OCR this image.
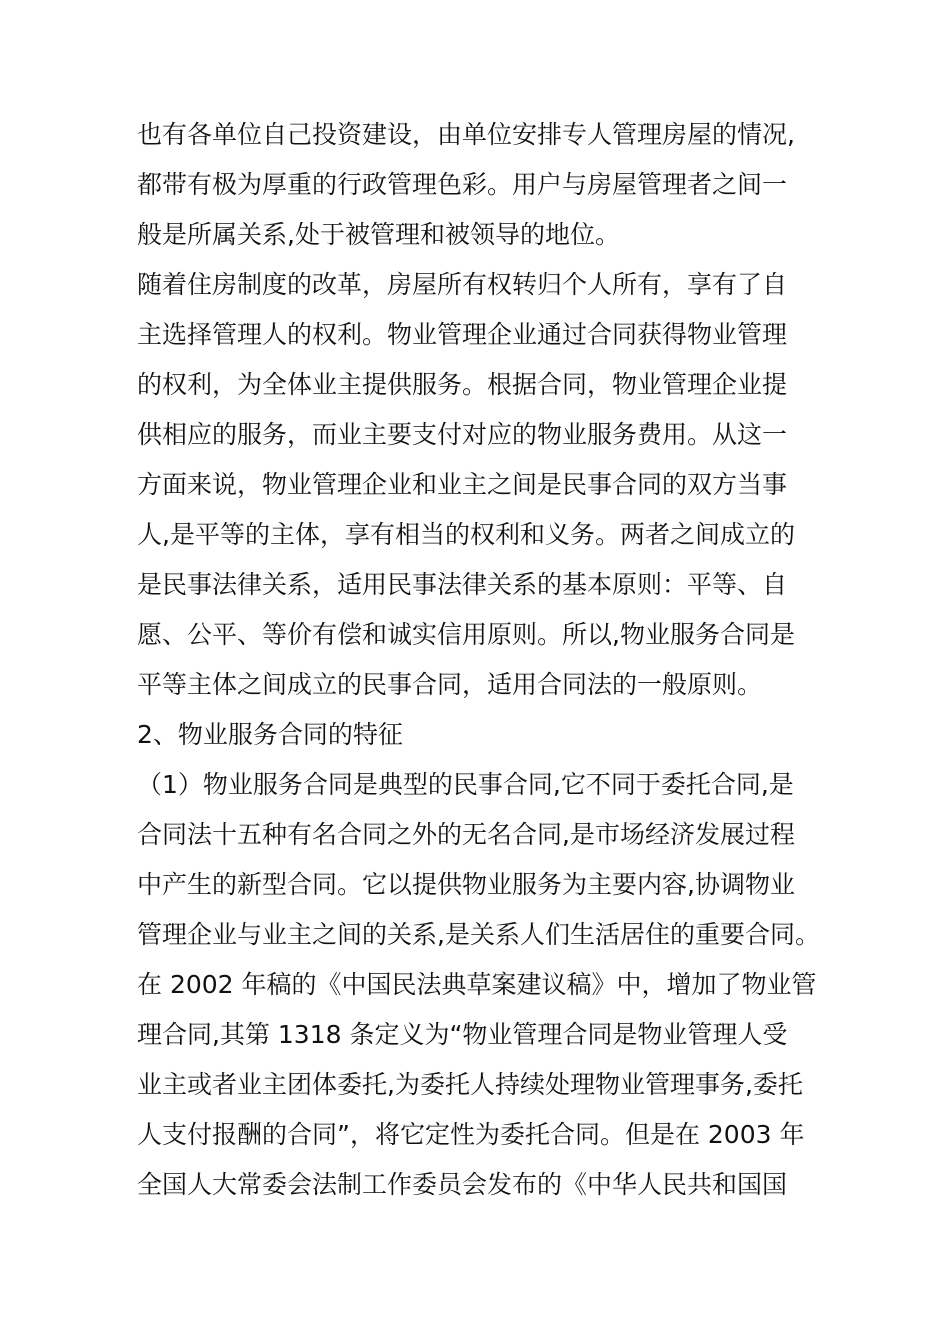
也有各单位自己投资建设，由单位安排专人管理房屋的情况,
都带有极为厚重的行政管理色彩。用户与房屋管理者之间一
般是所属关系,处于被管理和被领导的地位。
随着住房制度的改革，房屋所有权转归个人所有，享有了自
主选择管理人的权利。物业管理企业通过合同获得物业管理
的权利，为全体业主提供服务。根据合同，物业管理企业提
供相应的服务，而业主要支付对应的物业服务费用。从这一
方面来说，物业管理企业和业主之间是民事合同的双方当事
人,是平等的主体，享有相当的权利和义务。两者之间成立的
是民事法律关系，适用民事法律关系的基本原则：平等、自
愿、公平、等价有偿和诚实信用原则。所以,物业服务合同是
平等主体之间成立的民事合同，适用合同法的一般原则。
2、物业服务合同的特征
（1）物业服务合同是典型的民事合同,它不同于委托合同,是
合同法十五种有名合同之外的无名合同,是市场经济发展过程
中产生的新型合同。它以提供物业服务为主要内容,协调物业
管理企业与业主之间的关系,是关系人们生活居住的重要合同。
在 2002 年稿的《中国民法典草案建议稿》中，增加了物业管
理合同,其第 1318 条定义为“物业管理合同是物业管理人受
业主或者业主团体委托,为委托人持续处理物业管理事务,委托
人支付报酬的合同”，将它定性为委托合同。但是在 2003 年
全国人大常委会法制工作委员会发布的《中华人民共和国国
